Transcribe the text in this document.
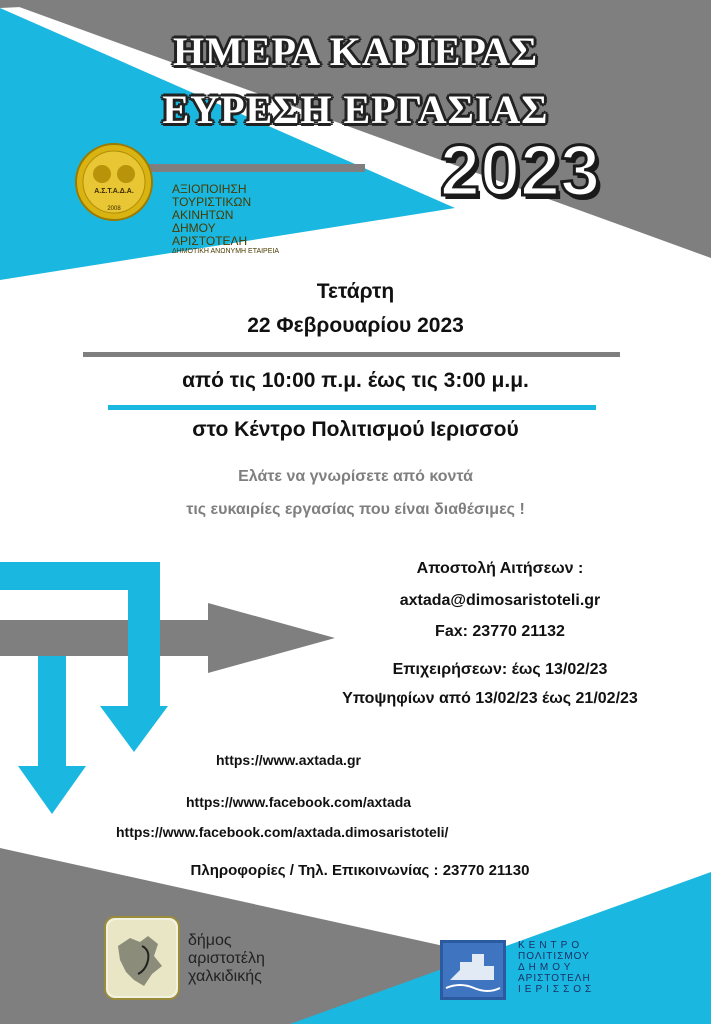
ΗΜΕΡΑ ΚΑΡΙΕΡΑΣ
ΕΥΡΕΣΗ ΕΡΓΑΣΙΑΣ
2023
Α.Σ.Τ.Α.Δ.Α.
2008
ΑΞΙΟΠΟΙΗΣΗ
ΤΟΥΡΙΣΤΙΚΩΝ
ΑΚΙΝΗΤΩΝ
ΔΗΜΟΥ
ΑΡΙΣΤΟΤΕΛΗ
ΔΗΜΟΤΙΚΗ ΑΝΩΝΥΜΗ ΕΤΑΙΡΕΙΑ
Τετάρτη
22 Φεβρουαρίου 2023
από τις 10:00 π.μ. έως τις 3:00 μ.μ.
στο Κέντρο Πολιτισμού Ιερισσού
Ελάτε να γνωρίσετε από κοντά
τις ευκαιρίες εργασίας που είναι διαθέσιμες !
Αποστολή Αιτήσεων :
axtada@dimosaristoteli.gr
Fax: 23770 21132
Επιχειρήσεων: έως 13/02/23
Υποψηφίων από 13/02/23 έως 21/02/23
https://www.axtada.gr
https://www.facebook.com/axtada
https://www.facebook.com/axtada.dimosaristoteli/
Πληροφορίες / Τηλ. Επικοινωνίας : 23770 21130
δήμος
αριστοτέλη
χαλκιδικής
ΚΕΝΤΡΟ
ΠΟΛΙΤΙΣΜΟΥ
ΔΗΜΟΥ
ΑΡΙΣΤΟΤΕΛΗ
ΙΕΡΙΣΣΟΣ
